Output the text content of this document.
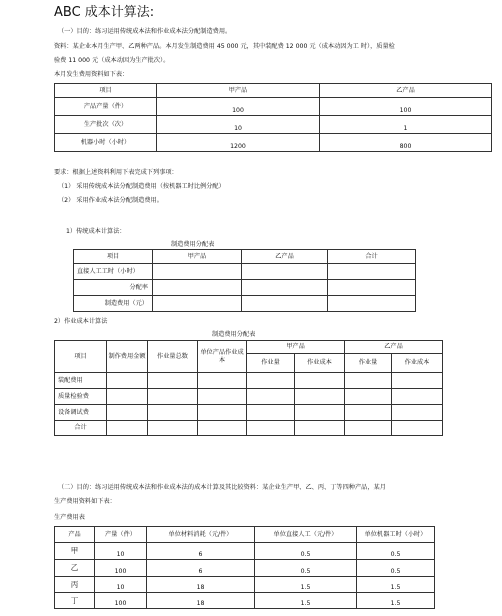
ABC 成本计算法:
（一）目的：练习运用传统成本法和作业成本法分配制造费用。
资料：某企业本月生产甲、乙两种产品。本月发生制造费用 45 000 元，其中装配费 12 000 元（成本动因为工 时），质量检
验费 11 000 元（成本动因为生产批次）。
本月发生费用资料如下表：
项目	甲产品	乙产品
产品产量（件）	100	100
生产批次（次）	10	1
机器小时（小时）	1200	800
要求：根据上述资料利用下表完成下列事项：
（1） 采用传统成本法分配制造费用（按机器工时比例分配）
（2） 采用作业成本法分配制造费用。
1）传统成本计算法：
制造费用分配表
项目	甲产品	乙产品	合计
直接人工工时（小时）			
分配率			
制造费用（元）			
2）作业成本计算法
制造费用分配表
项目	制作费用金额	作业量总数	单位产品作业成本	甲产品		乙产品	
				作业量	作业成本	作业量	作业成本
装配费用							
质量检验费							
设备调试费							
合计							
（二）目的：练习运用传统成本法和作业成本法的成本计算及其比较资料：某企业生产甲、乙、丙、丁等四种产品，某月
生产费用资料如下表：
生产费用表
产品	产量（件）	单位材料消耗（元/件）	单位直接人工（元/件）	单位机器工时（小时）
甲	10	6	0.5	0.5
乙	100	6	0.5	0.5
丙	10	18	1.5	1.5
丁	100	18	1.5	1.5
